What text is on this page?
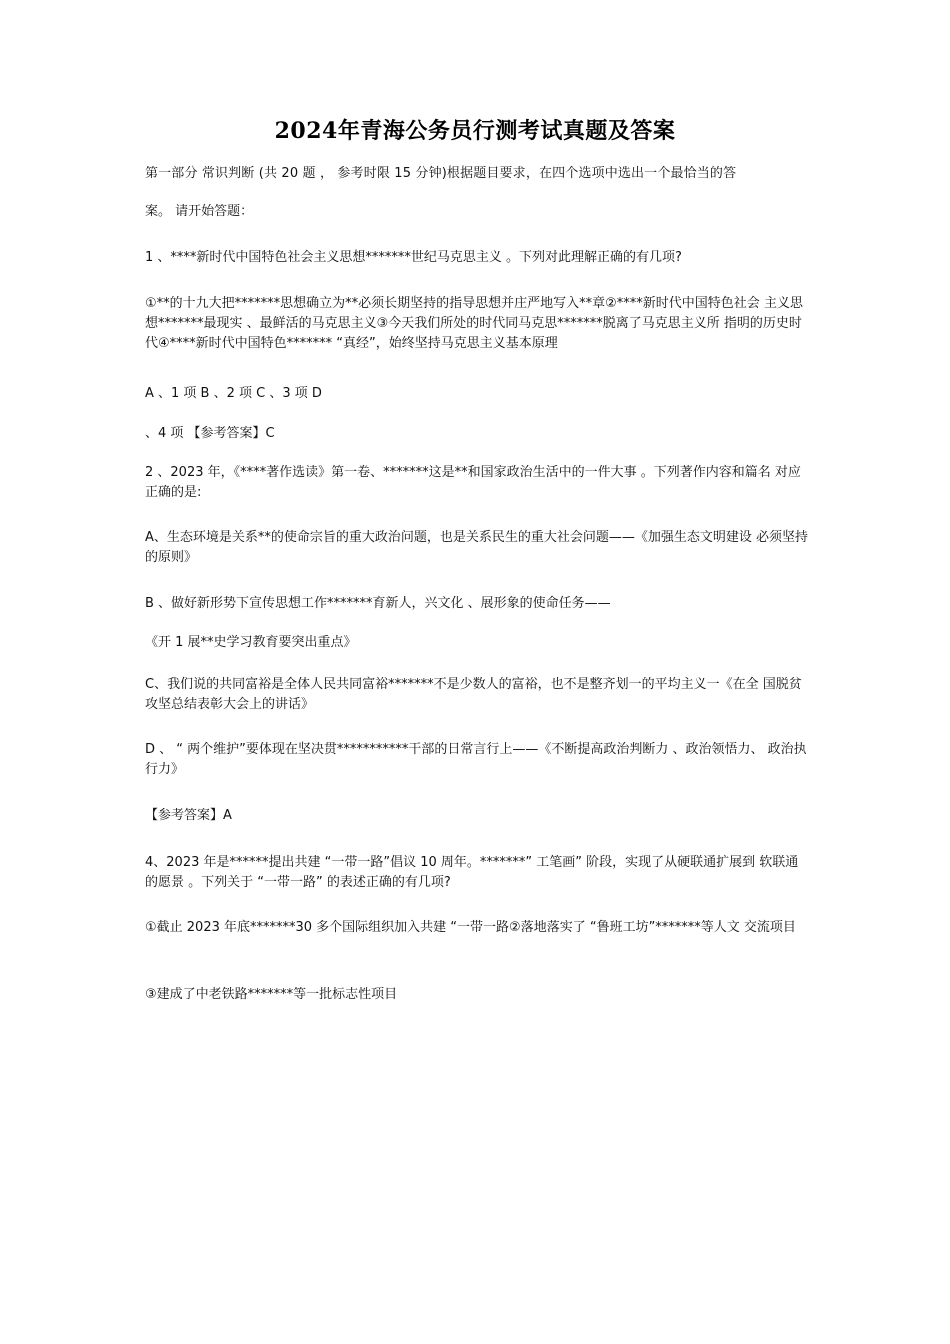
2024年青海公务员行测考试真题及答案

第一部分 常识判断 (共 20 题 ， 参考时限 15 分钟)根据题目要求，在四个选项中选出一个最恰当的答

案。 请开始答题：

1 、****新时代中国特色社会主义思想*******世纪马克思主义 。下列对此理解正确的有几项?

①**的十九大把*******思想确立为**必须长期坚持的指导思想并庄严地写入**章②****新时代中国特色社会 主义思想*******最现实 、最鲜活的马克思主义③今天我们所处的时代同马克思*******脱离了马克思主义所 指明的历史时代④****新时代中国特色******* “真经”，始终坚持马克思主义基本原理

A 、1 项 B 、2 项 C 、3 项 D

、4 项 【参考答案】C

2 、2023 年，《****著作选读》第一卷、*******这是**和国家政治生活中的一件大事 。下列著作内容和篇名 对应正确的是:

A、生态环境是关系**的使命宗旨的重大政治问题，也是关系民生的重大社会问题——《加强生态文明建设 必须坚持的原则》

B 、做好新形势下宣传思想工作*******育新人，兴文化 、展形象的使命任务——

《开 1 展**史学习教育要突出重点》

C、我们说的共同富裕是全体人民共同富裕*******不是少数人的富裕，也不是整齐划一的平均主义一《在全 国脱贫攻坚总结表彰大会上的讲话》

D 、 “ 两个维护”要体现在坚决贯***********干部的日常言行上——《不断提高政治判断力 、政治领悟力、 政治执行力》

【参考答案】A

4、2023 年是******提出共建 “一带一路”倡议 10 周年。*******” 工笔画” 阶段，实现了从硬联通扩展到 软联通的愿景 。下列关于 “一带一路” 的表述正确的有几项?

①截止 2023 年底*******30 多个国际组织加入共建 “一带一路②落地落实了 “鲁班工坊”*******等人文 交流项目

③建成了中老铁路*******等一批标志性项目
